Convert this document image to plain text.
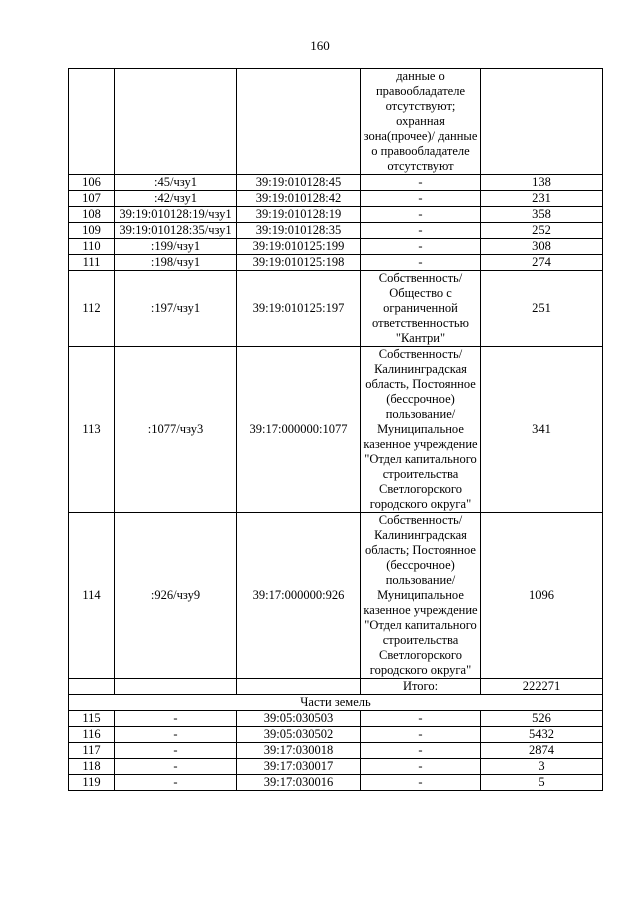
160
			данные о правообладателе отсутствуют; охранная зона(прочее)/ данные о правообладателе отсутствуют	
106	:45/чзу1	39:19:010128:45	-	138
107	:42/чзу1	39:19:010128:42	-	231
108	39:19:010128:19/чзу1	39:19:010128:19	-	358
109	39:19:010128:35/чзу1	39:19:010128:35	-	252
110	:199/чзу1	39:19:010125:199	-	308
111	:198/чзу1	39:19:010125:198	-	274
112	:197/чзу1	39:19:010125:197	Собственность/ Общество с ограниченной ответственностью "Кантри"	251
113	:1077/чзу3	39:17:000000:1077	Собственность/ Калининградская область, Постоянное (бессрочное) пользование/ Муниципальное казенное учреждение "Отдел капитального строительства Светлогорского городского округа"	341
114	:926/чзу9	39:17:000000:926	Собственность/ Калининградская область; Постоянное (бессрочное) пользование/ Муниципальное казенное учреждение "Отдел капитального строительства Светлогорского городского округа"	1096
			Итого:	222271
Части земель				
115	-	39:05:030503	-	526
116	-	39:05:030502	-	5432
117	-	39:17:030018	-	2874
118	-	39:17:030017	-	3
119	-	39:17:030016	-	5
